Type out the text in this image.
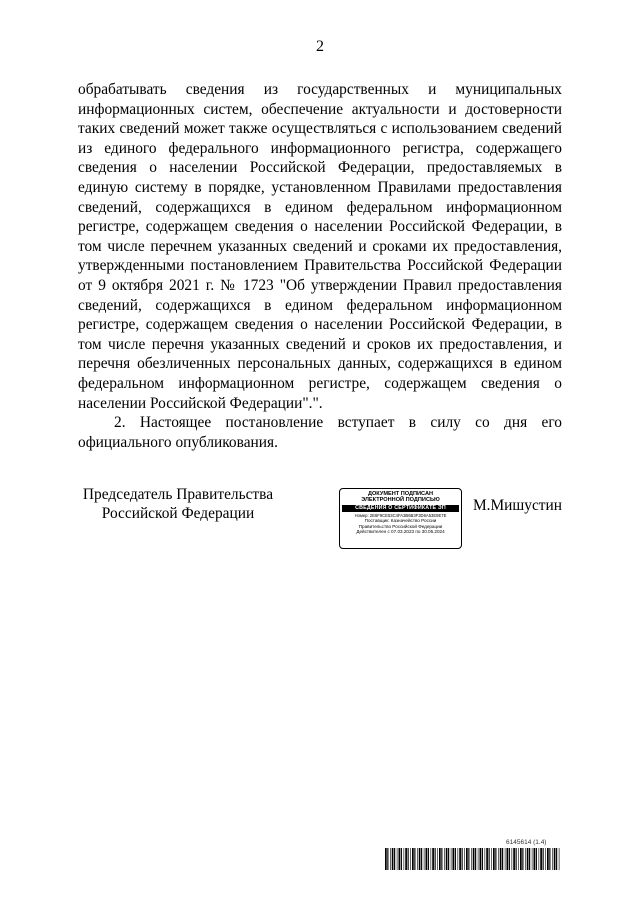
2

обрабатывать сведения из государственных и муниципальных информационных систем, обеспечение актуальности и достоверности таких сведений может также осуществляться с использованием сведений из единого федерального информационного регистра, содержащего сведения о населении Российской Федерации, предоставляемых в единую систему в порядке, установленном Правилами предоставления сведений, содержащихся в едином федеральном информационном регистре, содержащем сведения о населении Российской Федерации, в том числе перечнем указанных сведений и сроками их предоставления, утвержденными постановлением Правительства Российской Федерации от 9 октября 2021 г. № 1723 "Об утверждении Правил предоставления сведений, содержащихся в едином федеральном информационном регистре, содержащем сведения о населении Российской Федерации, в том числе перечня указанных сведений и сроков их предоставления, и перечня обезличенных персональных данных, содержащихся в едином федеральном информационном регистре, содержащем сведения о населении Российской Федерации".".

2. Настоящее постановление вступает в силу со дня его официального опубликования.

Председатель Правительства
Российской Федерации
ДОКУМЕНТ ПОДПИСАН
ЭЛЕКТРОННОЙ ПОДПИСЬЮ
СВЕДЕНИЯ О СЕРТИФИКАТЕ ЭП
Номер: 2E6F9CE53C4FA3B6B3F3D6A53E9E7E
Поставщик: Казначейство России
Правительство Российской Федерации
Действителен с 07.03.2023 по 30.05.2024
М.Мишустин
6145614 (1.4)
